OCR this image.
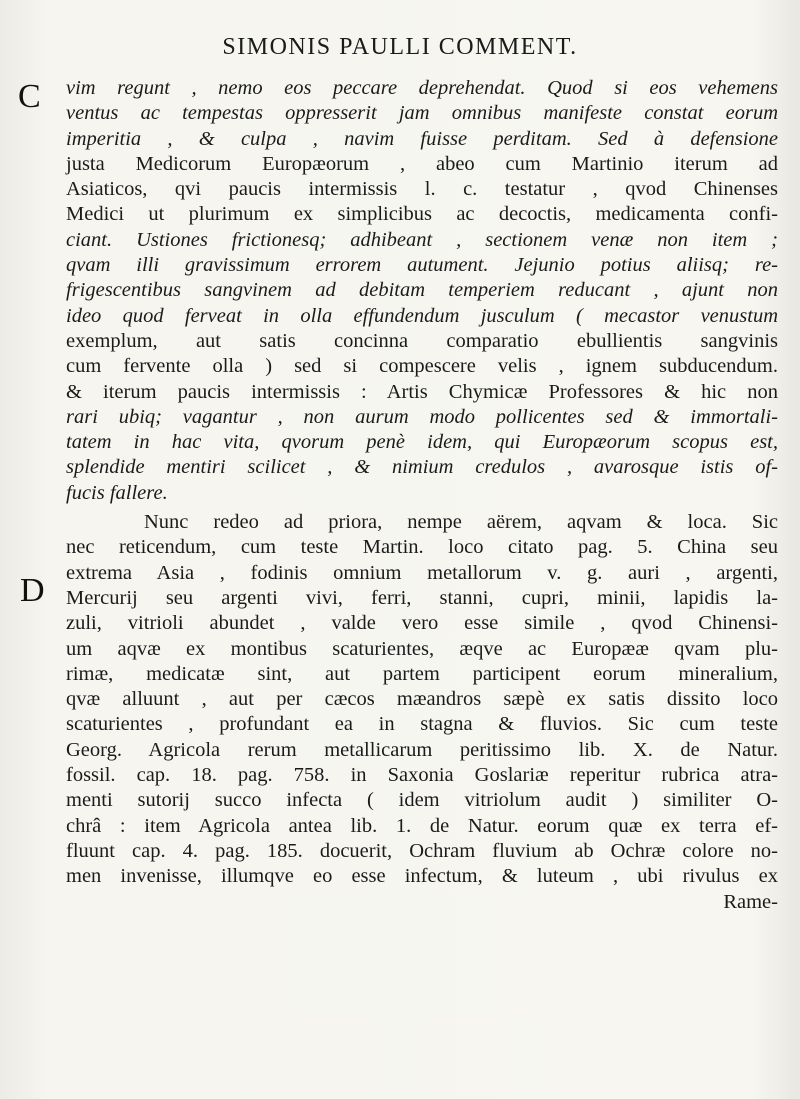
SIMONIS PAULLI COMMENT.
C
D
vim regunt , nemo eos peccare deprehendat. Quod si eos vehemens
ventus ac tempestas oppresserit jam omnibus manifeste constat eorum
imperitia , & culpa , navim fuisse perditam. Sed à defensione
justa Medicorum Europæorum , abeo cum Martinio iterum ad
Asiaticos, qvi paucis intermissis l. c. testatur , qvod Chinenses
Medici ut plurimum ex simplicibus ac decoctis, medicamenta confi-
ciant. Ustiones frictionesq; adhibeant , sectionem venæ non item ;
qvam illi gravissimum errorem autument. Jejunio potius aliisq; re-
frigescentibus sangvinem ad debitam temperiem reducant , ajunt non
ideo quod ferveat in olla effundendum jusculum ( mecastor venustum
exemplum, aut satis concinna comparatio ebullientis sangvinis
cum fervente olla ) sed si compescere velis , ignem subducendum.
& iterum paucis intermissis : Artis Chymicæ Professores & hic non
rari ubiq; vagantur , non aurum modo pollicentes sed & immortali-
tatem in hac vita, qvorum penè idem, qui Europæorum scopus est,
splendide mentiri scilicet , & nimium credulos , avarosque istis of-
fucis fallere.
Nunc redeo ad priora, nempe aërem, aqvam & loca. Sic
nec reticendum, cum teste Martin. loco citato pag. 5. China seu
extrema Asia , fodinis omnium metallorum v. g. auri , argenti,
Mercurij seu argenti vivi, ferri, stanni, cupri, minii, lapidis la-
zuli, vitrioli abundet , valde vero esse simile , qvod Chinensi-
um aqvæ ex montibus scaturientes, æqve ac Europææ qvam plu-
rimæ, medicatæ sint, aut partem participent eorum mineralium,
qvæ alluunt , aut per cæcos mæandros sæpè ex satis dissito loco
scaturientes , profundant ea in stagna & fluvios. Sic cum teste
Georg. Agricola rerum metallicarum peritissimo lib. X. de Natur.
fossil. cap. 18. pag. 758. in Saxonia Goslariæ reperitur rubrica atra-
menti sutorij succo infecta ( idem vitriolum audit ) similiter O-
chrâ : item Agricola antea lib. 1. de Natur. eorum quæ ex terra ef-
fluunt cap. 4. pag. 185. docuerit, Ochram fluvium ab Ochræ colore no-
men invenisse, illumqve eo esse infectum, & luteum , ubi rivulus ex
Rame-
